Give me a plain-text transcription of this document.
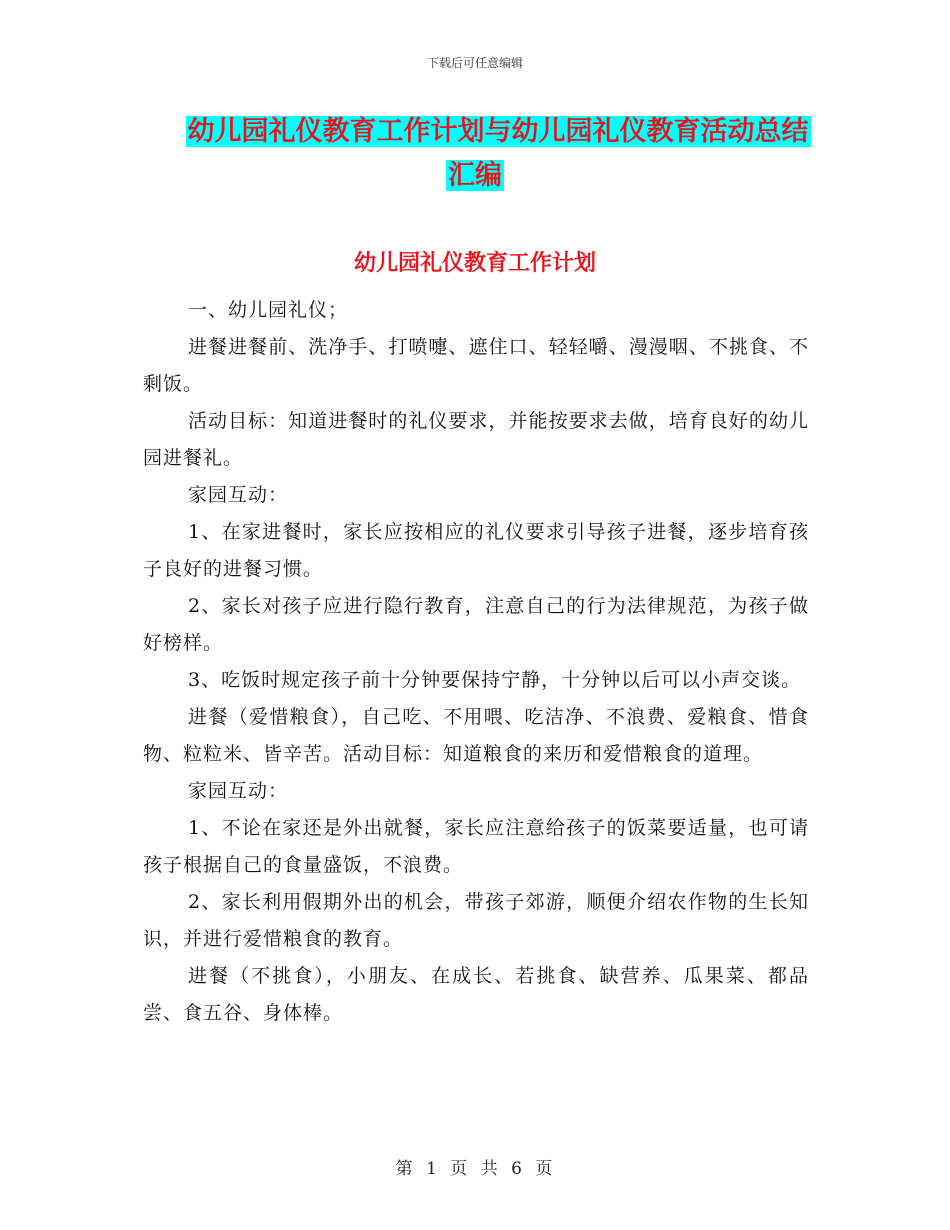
下载后可任意编辑
幼儿园礼仪教育工作计划与幼儿园礼仪教育活动总结
汇编
幼儿园礼仪教育工作计划

一、幼儿园礼仪；

进餐进餐前、洗净手、打喷嚏、遮住口、轻轻嚼、漫漫咽、不挑食、不剩饭。

活动目标：知道进餐时的礼仪要求，并能按要求去做，培育良好的幼儿园进餐礼。

家园互动：

1、在家进餐时，家长应按相应的礼仪要求引导孩子进餐，逐步培育孩子良好的进餐习惯。

2、家长对孩子应进行隐行教育，注意自己的行为法律规范，为孩子做好榜样。

3、吃饭时规定孩子前十分钟要保持宁静，十分钟以后可以小声交谈。

进餐（爱惜粮食），自己吃、不用喂、吃洁净、不浪费、爱粮食、惜食物、粒粒米、皆辛苦。活动目标：知道粮食的来历和爱惜粮食的道理。

家园互动：

1、不论在家还是外出就餐，家长应注意给孩子的饭菜要适量，也可请孩子根据自己的食量盛饭，不浪费。

2、家长利用假期外出的机会，带孩子郊游，顺便介绍农作物的生长知识，并进行爱惜粮食的教育。

进餐（不挑食），小朋友、在成长、若挑食、缺营养、瓜果菜、都品尝、食五谷、身体棒。

第 1 页 共 6 页
